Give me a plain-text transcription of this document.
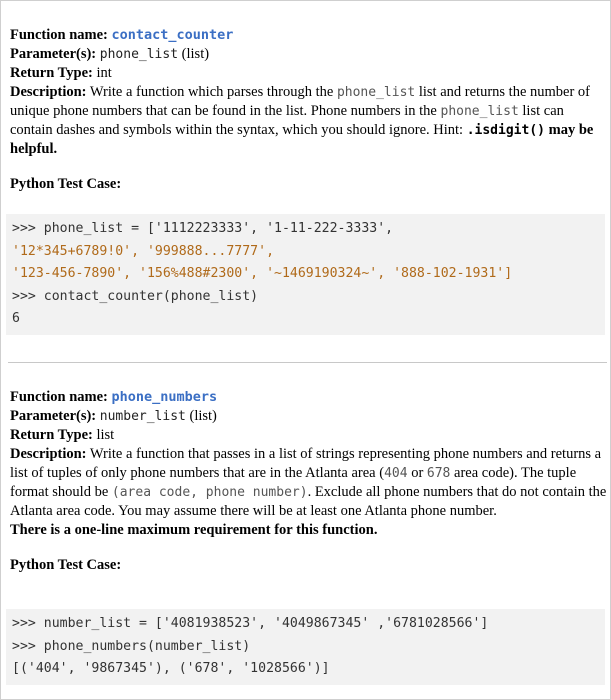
Function name: contact_counter
Parameter(s): phone_list (list)
Return Type: int
Description: Write a function which parses through the phone_list list and returns the number of unique phone numbers that can be found in the list. Phone numbers in the phone_list list can contain dashes and symbols within the syntax, which you should ignore. Hint: .isdigit() may be helpful.
Python Test Case:
>>> phone_list = ['1112223333', '1-11-222-3333',
'12*345+6789!0', '999888...7777',
'123-456-7890', '156%488#2300', '~1469190324~', '888-102-1931']
>>> contact_counter(phone_list)
6
Function name: phone_numbers
Parameter(s): number_list (list)
Return Type: list
Description: Write a function that passes in a list of strings representing phone numbers and returns a list of tuples of only phone numbers that are in the Atlanta area (404 or 678 area code). The tuple format should be (area code, phone number). Exclude all phone numbers that do not contain the Atlanta area code. You may assume there will be at least one Atlanta phone number.
There is a one-line maximum requirement for this function.
Python Test Case:
>>> number_list = ['4081938523', '4049867345' ,'6781028566']
>>> phone_numbers(number_list)
[('404', '9867345'), ('678', '1028566')]
